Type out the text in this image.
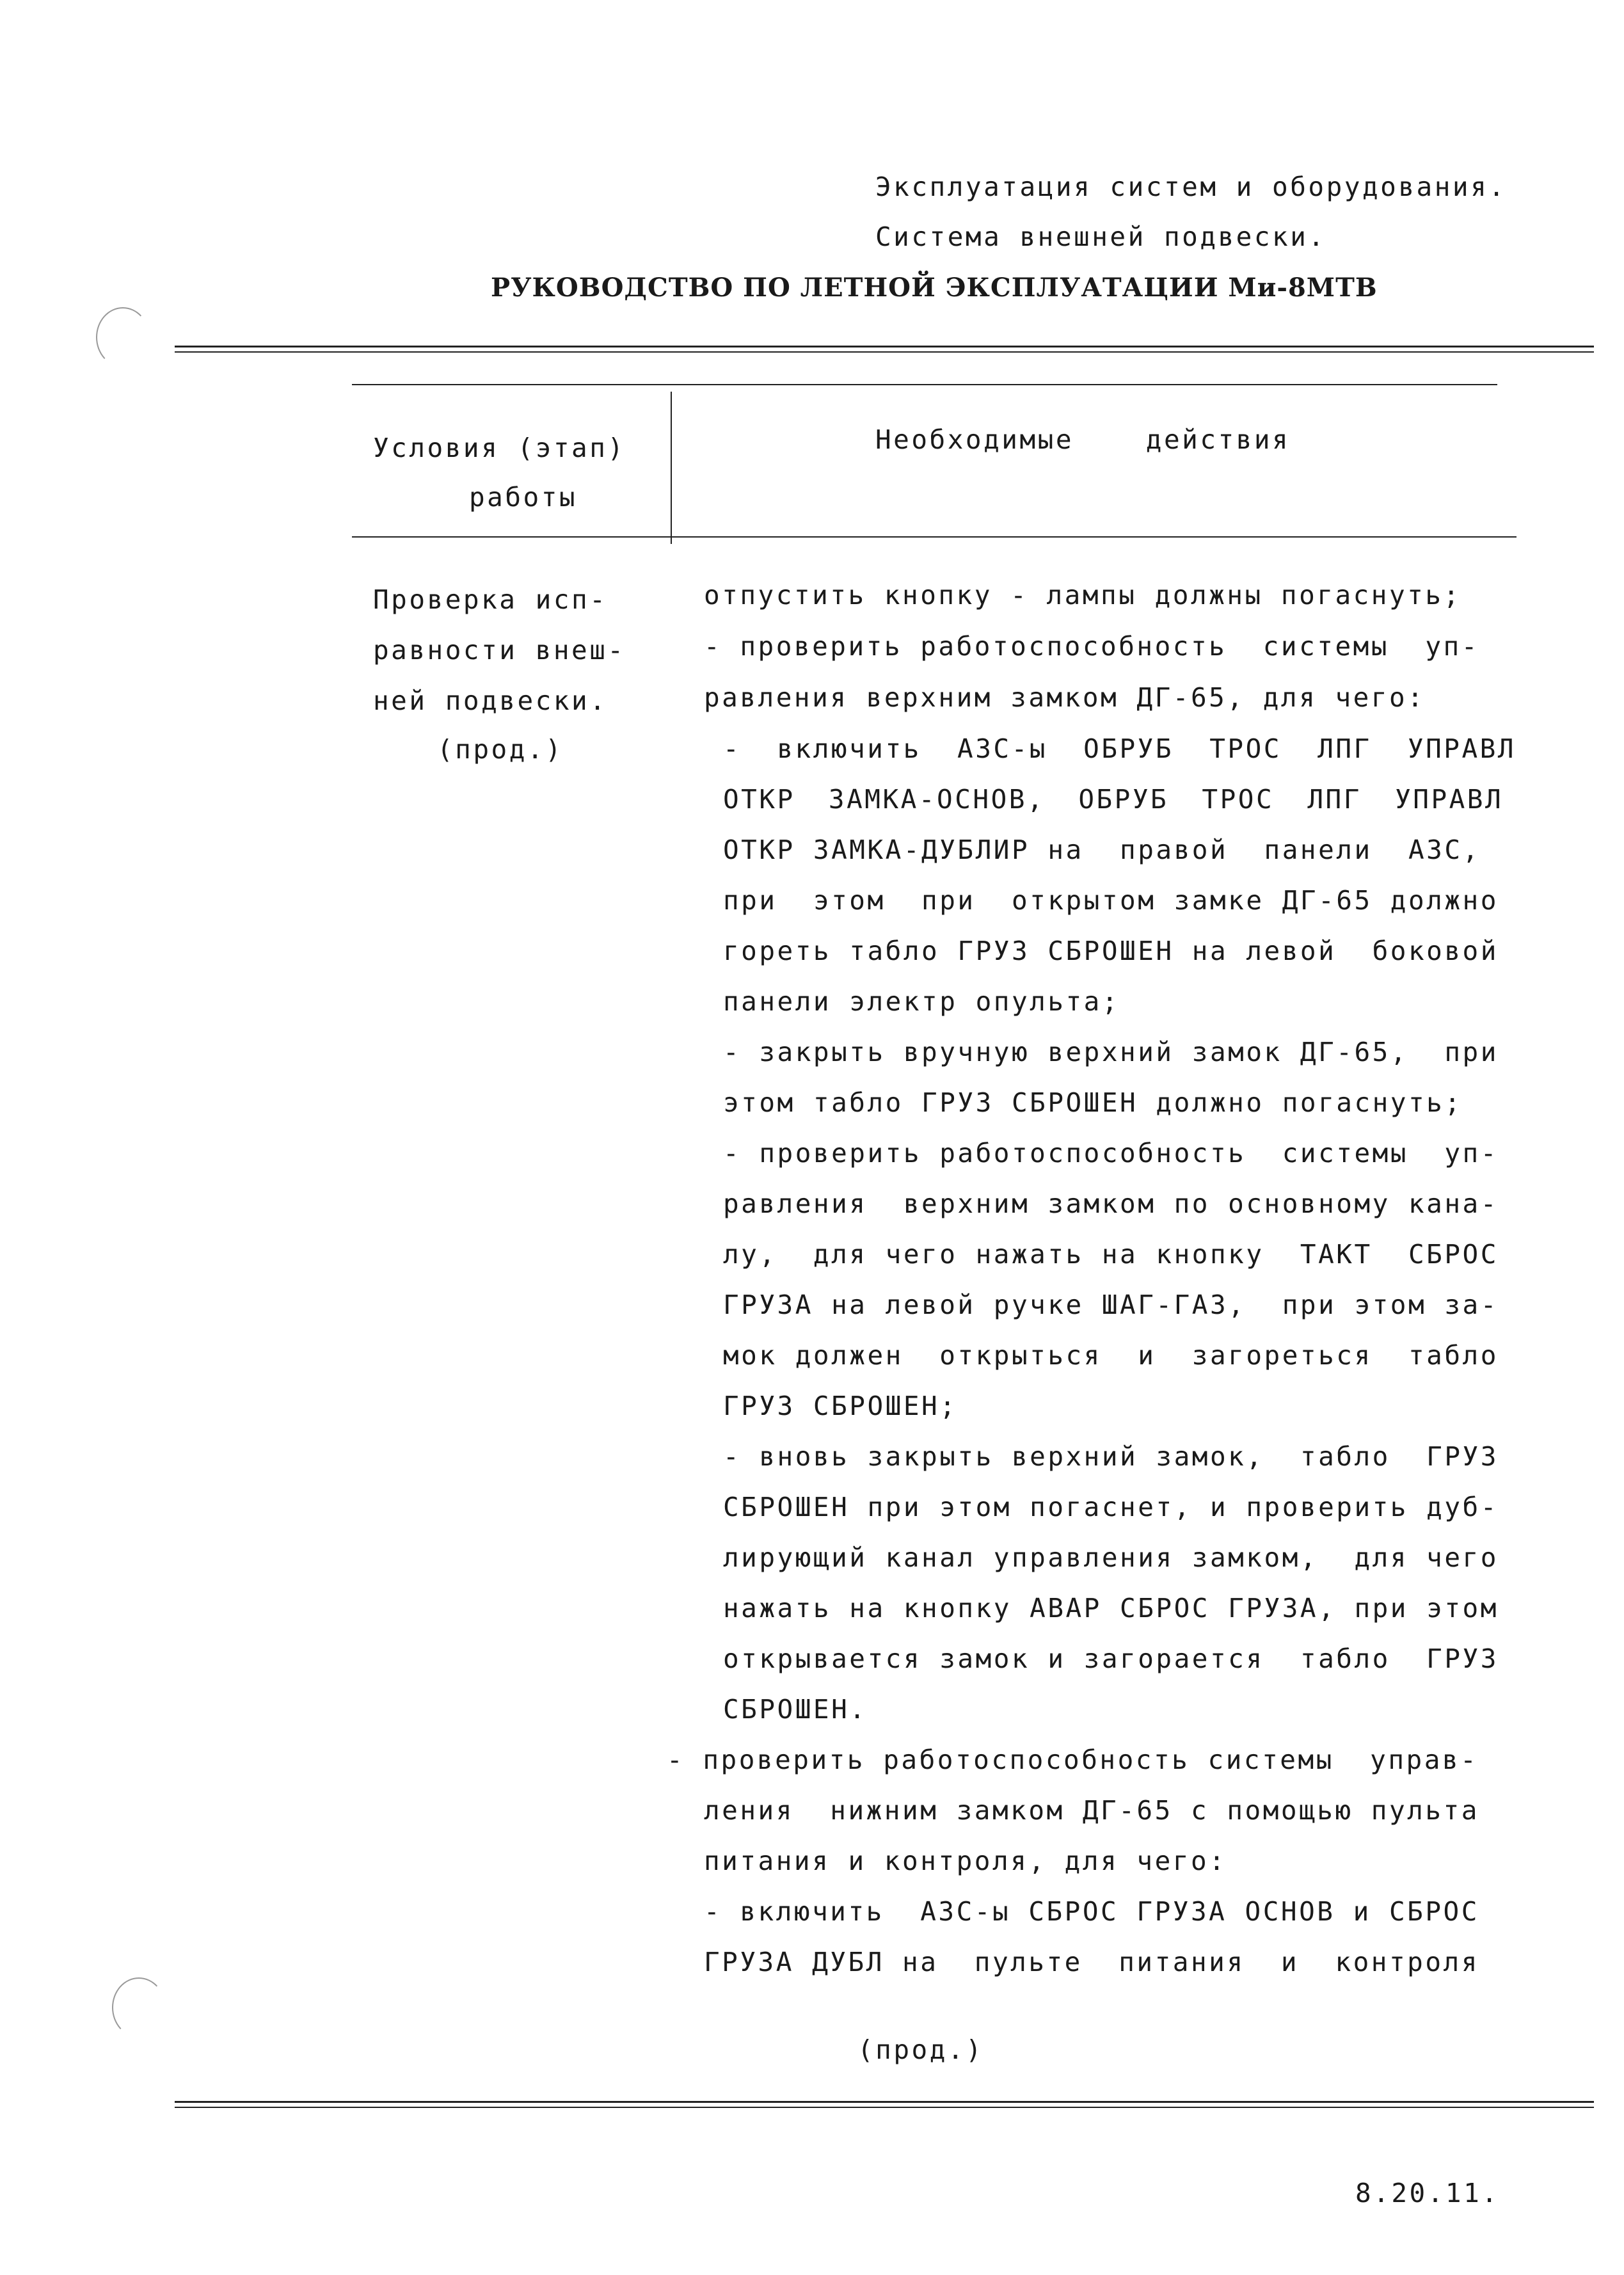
Эксплуатация систем и оборудования.
Система внешней подвески.
РУКОВОДСТВО ПО ЛЕТНОЙ ЭКСПЛУАТАЦИИ Ми-8МТВ
Условия (этап)
работы
Необходимые    действия
Проверка исп-
равности внеш-
ней подвески.
(прод.)
отпустить кнопку - лампы должны погаснуть;
- проверить работоспособность  системы  уп-
равления верхним замком ДГ-65, для чего:
- включить АЗС-ы ОБРУБ ТРОС ЛПГ УПРАВЛ
ОТКР ЗАМКА-ОСНОВ, ОБРУБ ТРОС ЛПГ УПРАВЛ
ОТКР ЗАМКА-ДУБЛИР на  правой  панели  АЗС,
при  этом  при  открытом замке ДГ-65 должно
гореть табло ГРУЗ СБРОШЕН на левой  боковой
панели электр опульта;
- закрыть вручную верхний замок ДГ-65,  при
этом табло ГРУЗ СБРОШЕН должно погаснуть;
- проверить работоспособность  системы  уп-
равления  верхним замком по основному кана-
лу,  для чего нажать на кнопку  ТАКТ  СБРОС
ГРУЗА на левой ручке ШАГ-ГАЗ,  при этом за-
мок должен  открыться  и  загореться  табло
ГРУЗ СБРОШЕН;
- вновь закрыть верхний замок,  табло  ГРУЗ
СБРОШЕН при этом погаснет, и проверить дуб-
лирующий канал управления замком,  для чего
нажать на кнопку АВАР СБРОС ГРУЗА, при этом
открывается замок и загорается  табло  ГРУЗ
СБРОШЕН.
- проверить работоспособность системы  управ-
ления  нижним замком ДГ-65 с помощью пульта
питания и контроля, для чего:
- включить  АЗС-ы СБРОС ГРУЗА ОСНОВ и СБРОС
ГРУЗА ДУБЛ на  пульте  питания  и  контроля
(прод.)
8.20.11.
